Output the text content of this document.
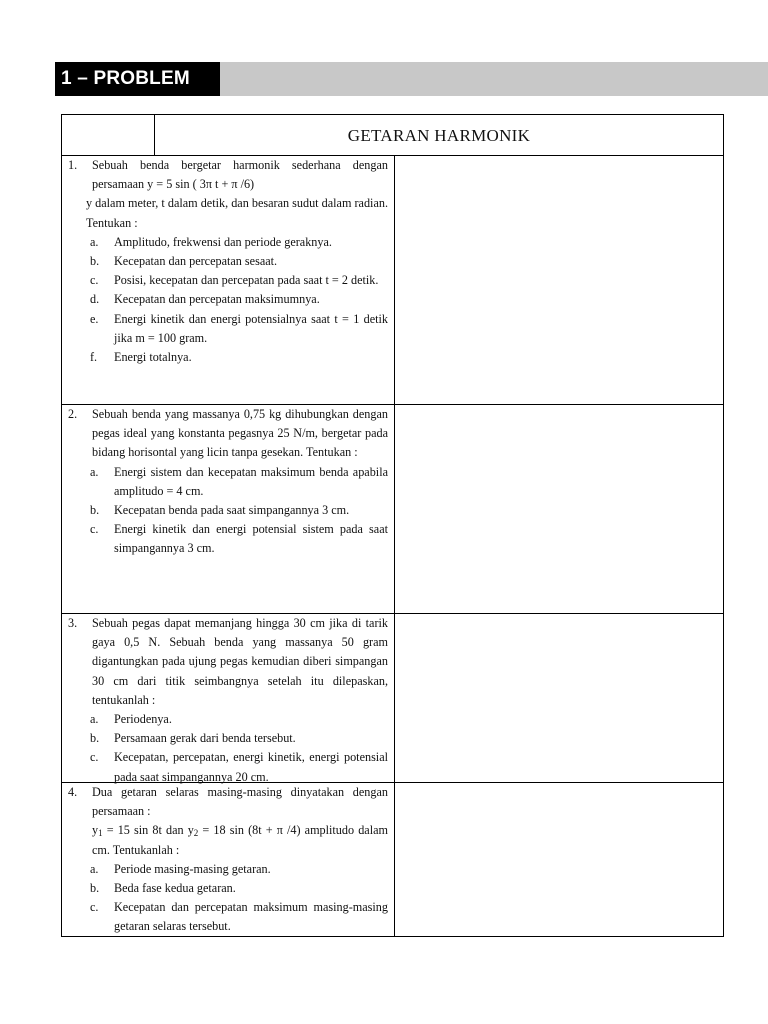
1 – PROBLEM SET
GETARAN HARMONIK
1.	Sebuah benda bergetar harmonik sederhana dengan persamaan y = 5 sin ( 3π t + π /6)
y dalam meter, t dalam detik, dan besaran sudut dalam radian. Tentukan :
a.	Amplitudo, frekwensi dan periode geraknya.
b.	Kecepatan dan percepatan sesaat.
c.	Posisi, kecepatan dan percepatan pada saat t = 2 detik.
d.	Kecepatan dan percepatan maksimumnya.
e.	Energi kinetik dan energi potensialnya saat t = 1 detik jika m = 100 gram.
f.	Energi totalnya.
2.	Sebuah benda yang massanya 0,75 kg dihubungkan dengan pegas ideal yang konstanta pegasnya 25 N/m, bergetar pada bidang horisontal yang licin tanpa gesekan. Tentukan :
a.	Energi sistem dan kecepatan maksimum benda apabila amplitudo = 4 cm.
b.	Kecepatan benda pada saat simpangannya 3 cm.
c.	Energi kinetik dan energi potensial sistem pada saat simpangannya 3 cm.
3.	Sebuah pegas dapat memanjang hingga 30 cm jika di tarik gaya 0,5 N. Sebuah benda yang massanya 50 gram digantungkan pada ujung pegas kemudian diberi simpangan 30 cm dari titik seimbangnya setelah itu dilepaskan, tentukanlah :
a.	Periodenya.
b.	Persamaan gerak dari benda tersebut.
c.	Kecepatan, percepatan, energi kinetik, energi potensial pada saat simpangannya 20 cm.
4.	Dua getaran selaras masing-masing dinyatakan dengan persamaan :
$y_1 = 15$ sin 8t dan $y_2 = 18$ sin (8t + π /4) amplitudo dalam cm. Tentukanlah :
a.	Periode masing-masing getaran.
b.	Beda fase kedua getaran.
c.	Kecepatan dan percepatan maksimum masing-masing getaran selaras tersebut.
